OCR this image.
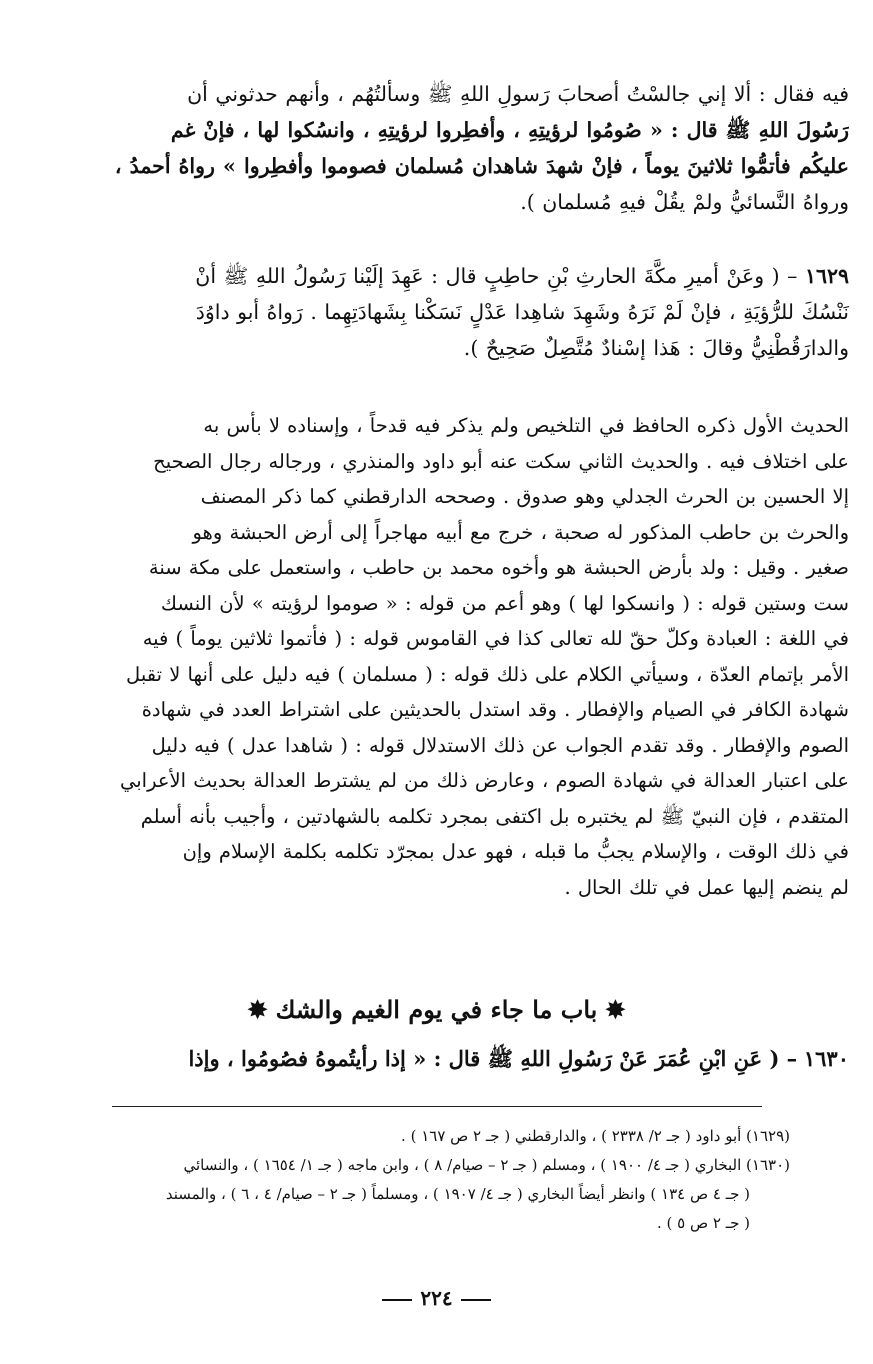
فيه فقال : ألا إني جالسْتُ أصحابَ رَسولِ اللهِ ﷺ وسألتُهُم ، وأنهم حدثوني أن
رَسُولَ اللهِ ﷺ قال : « صُومُوا لرؤيتِهِ ، وأفطِروا لرؤيتِهِ ، وانسُكوا لها ، فإنْ غم
عليكُم فأتمُّوا ثلاثينَ يوماً ، فإنْ شهدَ شاهدان مُسلمان فصوموا وأفطِروا » رواهُ أحمدُ ،
ورواهُ النَّسائيُّ ولمْ يقُلْ فيهِ مُسلمان ).
١٦٢٩ – ( وعَنْ أميرِ مكَّةَ الحارثِ بْنِ حاطِبٍ قال : عَهِدَ إلَيْنا رَسُولُ اللهِ ﷺ أنْ
نَنْسُكَ للرُّؤيَةِ ، فإنْ لَمْ نَرَهُ وشَهِدَ شاهِدا عَدْلٍ نَسَكْنا بِشَهادَتِهِما . رَواهُ أبو داوُدَ
والدارَقُطْنِيُّ وقالَ : هَذا إسْنادٌ مُتَّصِلٌ صَحِيحٌ ).
الحديث الأول ذكره الحافظ في التلخيص ولم يذكر فيه قدحاً ، وإسناده لا بأس به
على اختلاف فيه . والحديث الثاني سكت عنه أبو داود والمنذري ، ورجاله رجال الصحيح
إلا الحسين بن الحرث الجدلي وهو صدوق . وصححه الدارقطني كما ذكر المصنف
والحرث بن حاطب المذكور له صحبة ، خرج مع أبيه مهاجراً إلى أرض الحبشة وهو
صغير . وقيل : ولد بأرض الحبشة هو وأخوه محمد بن حاطب ، واستعمل على مكة سنة
ست وستين قوله : ( وانسكوا لها ) وهو أعم من قوله : « صوموا لرؤيته » لأن النسك
في اللغة : العبادة وكلّ حقّ لله تعالى كذا في القاموس قوله : ( فأتموا ثلاثين يوماً ) فيه
الأمر بإتمام العدّة ، وسيأتي الكلام على ذلك قوله : ( مسلمان ) فيه دليل على أنها لا تقبل
شهادة الكافر في الصيام والإفطار . وقد استدل بالحديثين على اشتراط العدد في شهادة
الصوم والإفطار . وقد تقدم الجواب عن ذلك الاستدلال قوله : ( شاهدا عدل ) فيه دليل
على اعتبار العدالة في شهادة الصوم ، وعارض ذلك من لم يشترط العدالة بحديث الأعرابي
المتقدم ، فإن النبيّ ﷺ لم يختبره بل اكتفى بمجرد تكلمه بالشهادتين ، وأجيب بأنه أسلم
في ذلك الوقت ، والإسلام يجبُّ ما قبله ، فهو عدل بمجرّد تكلمه بكلمة الإسلام وإن
لم ينضم إليها عمل في تلك الحال .
✸باب ما جاء في يوم الغيم والشك✸
١٦٣٠ – ( عَنِ ابْنِ عُمَرَ عَنْ رَسُولِ اللهِ ﷺ قال : « إذا رأيتُموهُ فصُومُوا ، وإذا
(١٦٢٩) أبو داود ( جـ ٢/ ٢٣٣٨ ) ، والدارقطني ( جـ ٢ ص ١٦٧ ) .
(١٦٣٠) البخاري ( جـ ٤/ ١٩٠٠ ) ، ومسلم ( جـ ٢ – صيام/ ٨ ) ، وابن ماجه ( جـ ١/ ١٦٥٤ ) ، والنسائي
( جـ ٤ ص ١٣٤ ) وانظر أيضاً البخاري ( جـ ٤/ ١٩٠٧ ) ، ومسلماً ( جـ ٢ – صيام/ ٤ ، ٦ ) ، والمسند
( جـ ٢ ص ٥ ) .
٢٢٤
